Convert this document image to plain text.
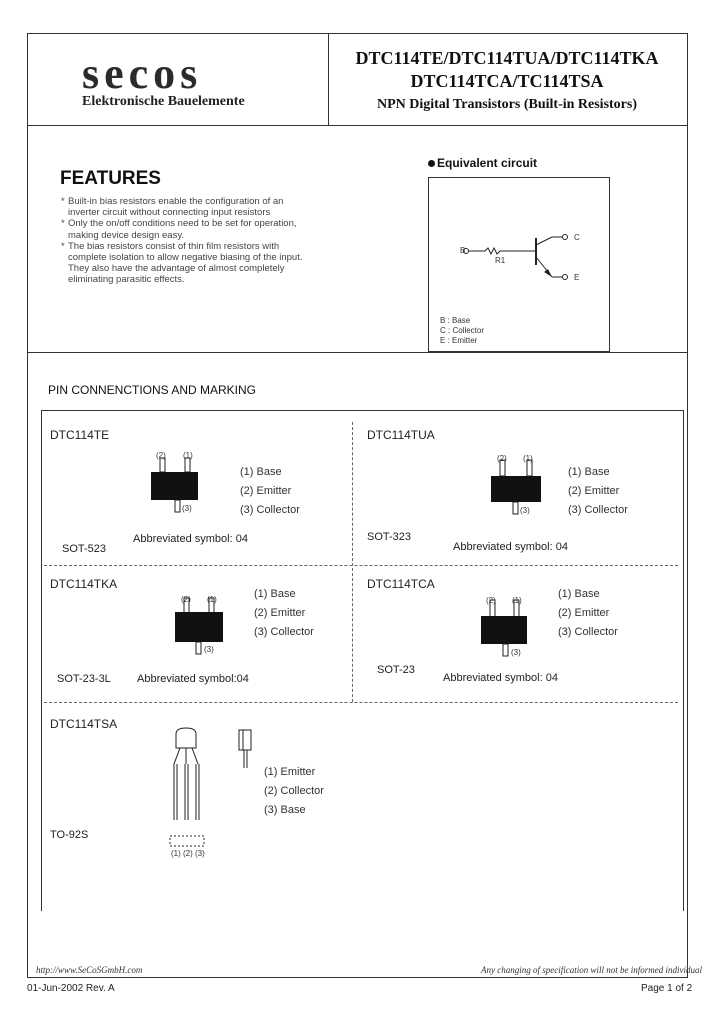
secos
Elektronische Bauelemente
DTC114TE/DTC114TUA/DTC114TKA
DTC114TCA/TC114TSA
NPN Digital Transistors (Built-in Resistors)
FEATURES
* Built-in bias resistors enable the configuration of an inverter circuit without connecting input resistors
* Only the on/off conditions need to be set for operation, making device design easy.
* The bias resistors consist of thin film resistors with complete isolation to allow negative biasing of the input. They also have the advantage of almost completely eliminating parasitic effects.
Equivalent circuit
B
R1
C
E
B : Base
C : Collector
E : Emitter
PIN CONNENCTIONS AND MARKING
DTC114TE
(2) (1)
(3)
(1) Base
(2) Emitter
(3) Collector
Abbreviated symbol: 04
SOT-523
DTC114TUA
(2) (1)
(3)
(1) Base
(2) Emitter
(3) Collector
SOT-323
Abbreviated symbol: 04
DTC114TKA
(2) (1)
(3)
(1) Base
(2) Emitter
(3) Collector
SOT-23-3L Abbreviated symbol:04
DTC114TCA
(2) (1)
(3)
(1) Base
(2) Emitter
(3) Collector
SOT-23
Abbreviated symbol: 04
DTC114TSA
(1) Emitter
(2) Collector
(3) Base
TO-92S
(1) (2) (3)
http://www.SeCoSGmbH.com	Any changing of specification will not be informed individual
01-Jun-2002 Rev. A	Page 1 of 2
